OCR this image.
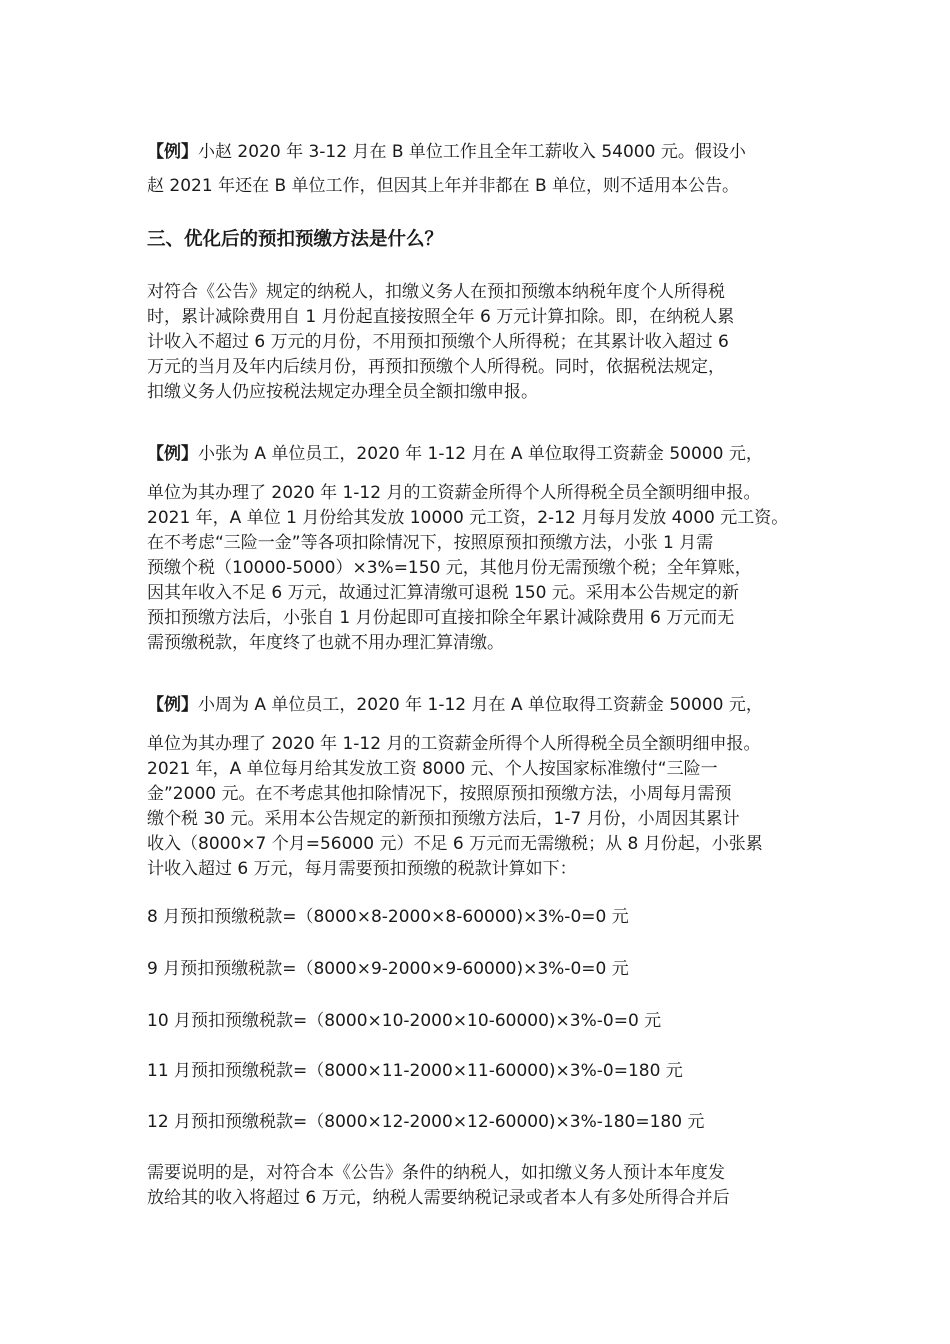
【例】小赵 2020 年 3-12 月在 B 单位工作且全年工薪收入 54000 元。假设小
赵 2021 年还在 B 单位工作，但因其上年并非都在 B 单位，则不适用本公告。
三、优化后的预扣预缴方法是什么？
对符合《公告》规定的纳税人，扣缴义务人在预扣预缴本纳税年度个人所得税
时，累计减除费用自 1 月份起直接按照全年 6 万元计算扣除。即，在纳税人累
计收入不超过 6 万元的月份，不用预扣预缴个人所得税；在其累计收入超过 6
万元的当月及年内后续月份，再预扣预缴个人所得税。同时，依据税法规定，
扣缴义务人仍应按税法规定办理全员全额扣缴申报。
【例】小张为 A 单位员工，2020 年 1-12 月在 A 单位取得工资薪金 50000 元，
单位为其办理了 2020 年 1-12 月的工资薪金所得个人所得税全员全额明细申报。
2021 年，A 单位 1 月份给其发放 10000 元工资，2-12 月每月发放 4000 元工资。
在不考虑“三险一金”等各项扣除情况下，按照原预扣预缴方法，小张 1 月需
预缴个税（10000-5000）×3%=150 元，其他月份无需预缴个税；全年算账，
因其年收入不足 6 万元，故通过汇算清缴可退税 150 元。采用本公告规定的新
预扣预缴方法后，小张自 1 月份起即可直接扣除全年累计减除费用 6 万元而无
需预缴税款，年度终了也就不用办理汇算清缴。
【例】小周为 A 单位员工，2020 年 1-12 月在 A 单位取得工资薪金 50000 元，
单位为其办理了 2020 年 1-12 月的工资薪金所得个人所得税全员全额明细申报。
2021 年，A 单位每月给其发放工资 8000 元、个人按国家标准缴付“三险一
金”2000 元。在不考虑其他扣除情况下，按照原预扣预缴方法，小周每月需预
缴个税 30 元。采用本公告规定的新预扣预缴方法后，1-7 月份，小周因其累计
收入（8000×7 个月=56000 元）不足 6 万元而无需缴税；从 8 月份起，小张累
计收入超过 6 万元，每月需要预扣预缴的税款计算如下：
8 月预扣预缴税款=（8000×8-2000×8-60000)×3%-0=0 元
9 月预扣预缴税款=（8000×9-2000×9-60000)×3%-0=0 元
10 月预扣预缴税款=（8000×10-2000×10-60000)×3%-0=0 元
11 月预扣预缴税款=（8000×11-2000×11-60000)×3%-0=180 元
12 月预扣预缴税款=（8000×12-2000×12-60000)×3%-180=180 元
需要说明的是，对符合本《公告》条件的纳税人，如扣缴义务人预计本年度发
放给其的收入将超过 6 万元，纳税人需要纳税记录或者本人有多处所得合并后
